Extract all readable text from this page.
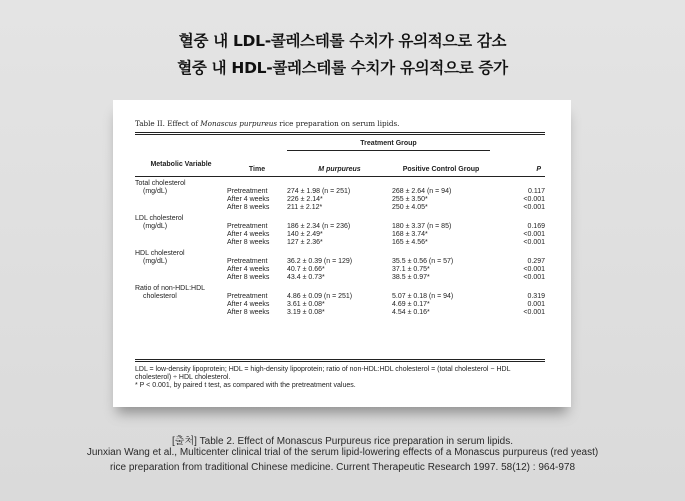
혈중 내 LDL-콜레스테롤 수치가 유의적으로 감소
혈중 내 HDL-콜레스테롤 수치가 유의적으로 증가
Table II. Effect of Monascus purpureus rice preparation on serum lipids.
		Treatment Group		
Metabolic Variable	Time	M purpureus	Positive Control Group	P

Total cholesterol				
(mg/dL)	Pretreatment	274 ± 1.98 (n = 251)	268 ± 2.64 (n = 94)	0.117
	After 4 weeks	226 ± 2.14*	255 ± 3.50*	<0.001
	After 8 weeks	211 ± 2.12*	250 ± 4.05*	<0.001

LDL cholesterol				
(mg/dL)	Pretreatment	186 ± 2.34 (n = 236)	180 ± 3.37 (n = 85)	0.169
	After 4 weeks	140 ± 2.49*	168 ± 3.74*	<0.001
	After 8 weeks	127 ± 2.36*	165 ± 4.56*	<0.001

HDL cholesterol				
(mg/dL)	Pretreatment	36.2 ± 0.39 (n = 129)	35.5 ± 0.56 (n = 57)	0.297
	After 4 weeks	40.7 ± 0.66*	37.1 ± 0.75*	<0.001
	After 8 weeks	43.4 ± 0.73*	38.5 ± 0.97*	<0.001

Ratio of non-HDL:HDL				
cholesterol	Pretreatment	4.86 ± 0.09 (n = 251)	5.07 ± 0.18 (n = 94)	0.319
	After 4 weeks	3.61 ± 0.08*	4.69 ± 0.17*	0.001
	After 8 weeks	3.19 ± 0.08*	4.54 ± 0.16*	<0.001
LDL = low-density lipoprotein; HDL = high-density lipoprotein; ratio of non-HDL:HDL cholesterol = (total cholesterol − HDL cholesterol) ÷ HDL cholesterol.
* P < 0.001, by paired t test, as compared with the pretreatment values.
[출처] Table 2. Effect of Monascus Purpureus rice preparation in serum lipids.
Junxian Wang et al., Multicenter clinical trial of the serum lipid-lowering effects of a Monascus purpureus (red yeast)
rice preparation from traditional Chinese medicine. Current Therapeutic Research 1997. 58(12) : 964-978
